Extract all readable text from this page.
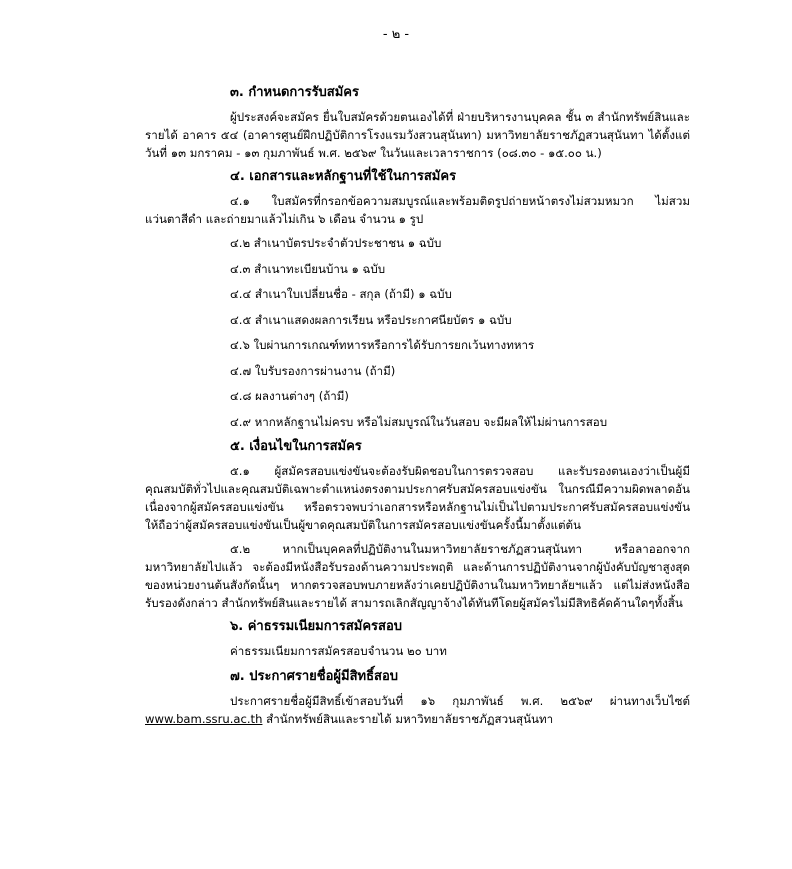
- ๒ -
๓. กำหนดการรับสมัคร

ผู้ประสงค์จะสมัคร ยื่นใบสมัครด้วยตนเองได้ที่ ฝ่ายบริหารงานบุคคล ชั้น ๓ สำนักทรัพย์สินและรายได้ อาคาร ๕๔ (อาคารศูนย์ฝึกปฏิบัติการโรงแรมวังสวนสุนันทา) มหาวิทยาลัยราชภัฏสวนสุนันทา ได้ตั้งแต่วันที่ ๑๓ มกราคม - ๑๓ กุมภาพันธ์ พ.ศ. ๒๕๖๙ ในวันและเวลาราชการ (๐๘.๓๐ - ๑๕.๐๐ น.)

๔. เอกสารและหลักฐานที่ใช้ในการสมัคร

๔.๑ ใบสมัครที่กรอกข้อความสมบูรณ์และพร้อมติดรูปถ่ายหน้าตรงไม่สวมหมวก ไม่สวมแว่นตาสีดำ และถ่ายมาแล้วไม่เกิน ๖ เดือน จำนวน ๑ รูป

๔.๒ สำเนาบัตรประจำตัวประชาชน ๑ ฉบับ
๔.๓ สำเนาทะเบียนบ้าน ๑ ฉบับ
๔.๔ สำเนาใบเปลี่ยนชื่อ - สกุล (ถ้ามี) ๑ ฉบับ
๔.๕ สำเนาแสดงผลการเรียน หรือประกาศนียบัตร ๑ ฉบับ
๔.๖ ใบผ่านการเกณฑ์ทหารหรือการได้รับการยกเว้นทางทหาร
๔.๗ ใบรับรองการผ่านงาน (ถ้ามี)
๔.๘ ผลงานต่างๆ (ถ้ามี)
๔.๙ หากหลักฐานไม่ครบ หรือไม่สมบูรณ์ในวันสอบ จะมีผลให้ไม่ผ่านการสอบ
๕. เงื่อนไขในการสมัคร

๕.๑ ผู้สมัครสอบแข่งขันจะต้องรับผิดชอบในการตรวจสอบ และรับรองตนเองว่าเป็นผู้มีคุณสมบัติทั่วไปและคุณสมบัติเฉพาะตำแหน่งตรงตามประกาศรับสมัครสอบแข่งขัน ในกรณีมีความผิดพลาดอันเนื่องจากผู้สมัครสอบแข่งขัน หรือตรวจพบว่าเอกสารหรือหลักฐานไม่เป็นไปตามประกาศรับสมัครสอบแข่งขัน ให้ถือว่าผู้สมัครสอบแข่งขันเป็นผู้ขาดคุณสมบัติในการสมัครสอบแข่งขันครั้งนี้มาตั้งแต่ต้น

๕.๒ หากเป็นบุคคลที่ปฏิบัติงานในมหาวิทยาลัยราชภัฏสวนสุนันทา หรือลาออกจากมหาวิทยาลัยไปแล้ว จะต้องมีหนังสือรับรองด้านความประพฤติ และด้านการปฏิบัติงานจากผู้บังคับบัญชาสูงสุดของหน่วยงานต้นสังกัดนั้นๆ หากตรวจสอบพบภายหลังว่าเคยปฏิบัติงานในมหาวิทยาลัยฯแล้ว แต่ไม่ส่งหนังสือรับรองดังกล่าว สำนักทรัพย์สินและรายได้ สามารถเลิกสัญญาจ้างได้ทันทีโดยผู้สมัครไม่มีสิทธิคัดค้านใดๆทั้งสิ้น

๖. ค่าธรรมเนียมการสมัครสอบ
ค่าธรรมเนียมการสมัครสอบจำนวน ๒๐ บาท
๗. ประกาศรายชื่อผู้มีสิทธิ์สอบ

ประกาศรายชื่อผู้มีสิทธิ์เข้าสอบวันที่ ๑๖ กุมภาพันธ์ พ.ศ. ๒๕๖๙ ผ่านทางเว็บไซต์ www.bam.ssru.ac.th สำนักทรัพย์สินและรายได้ มหาวิทยาลัยราชภัฏสวนสุนันทา
